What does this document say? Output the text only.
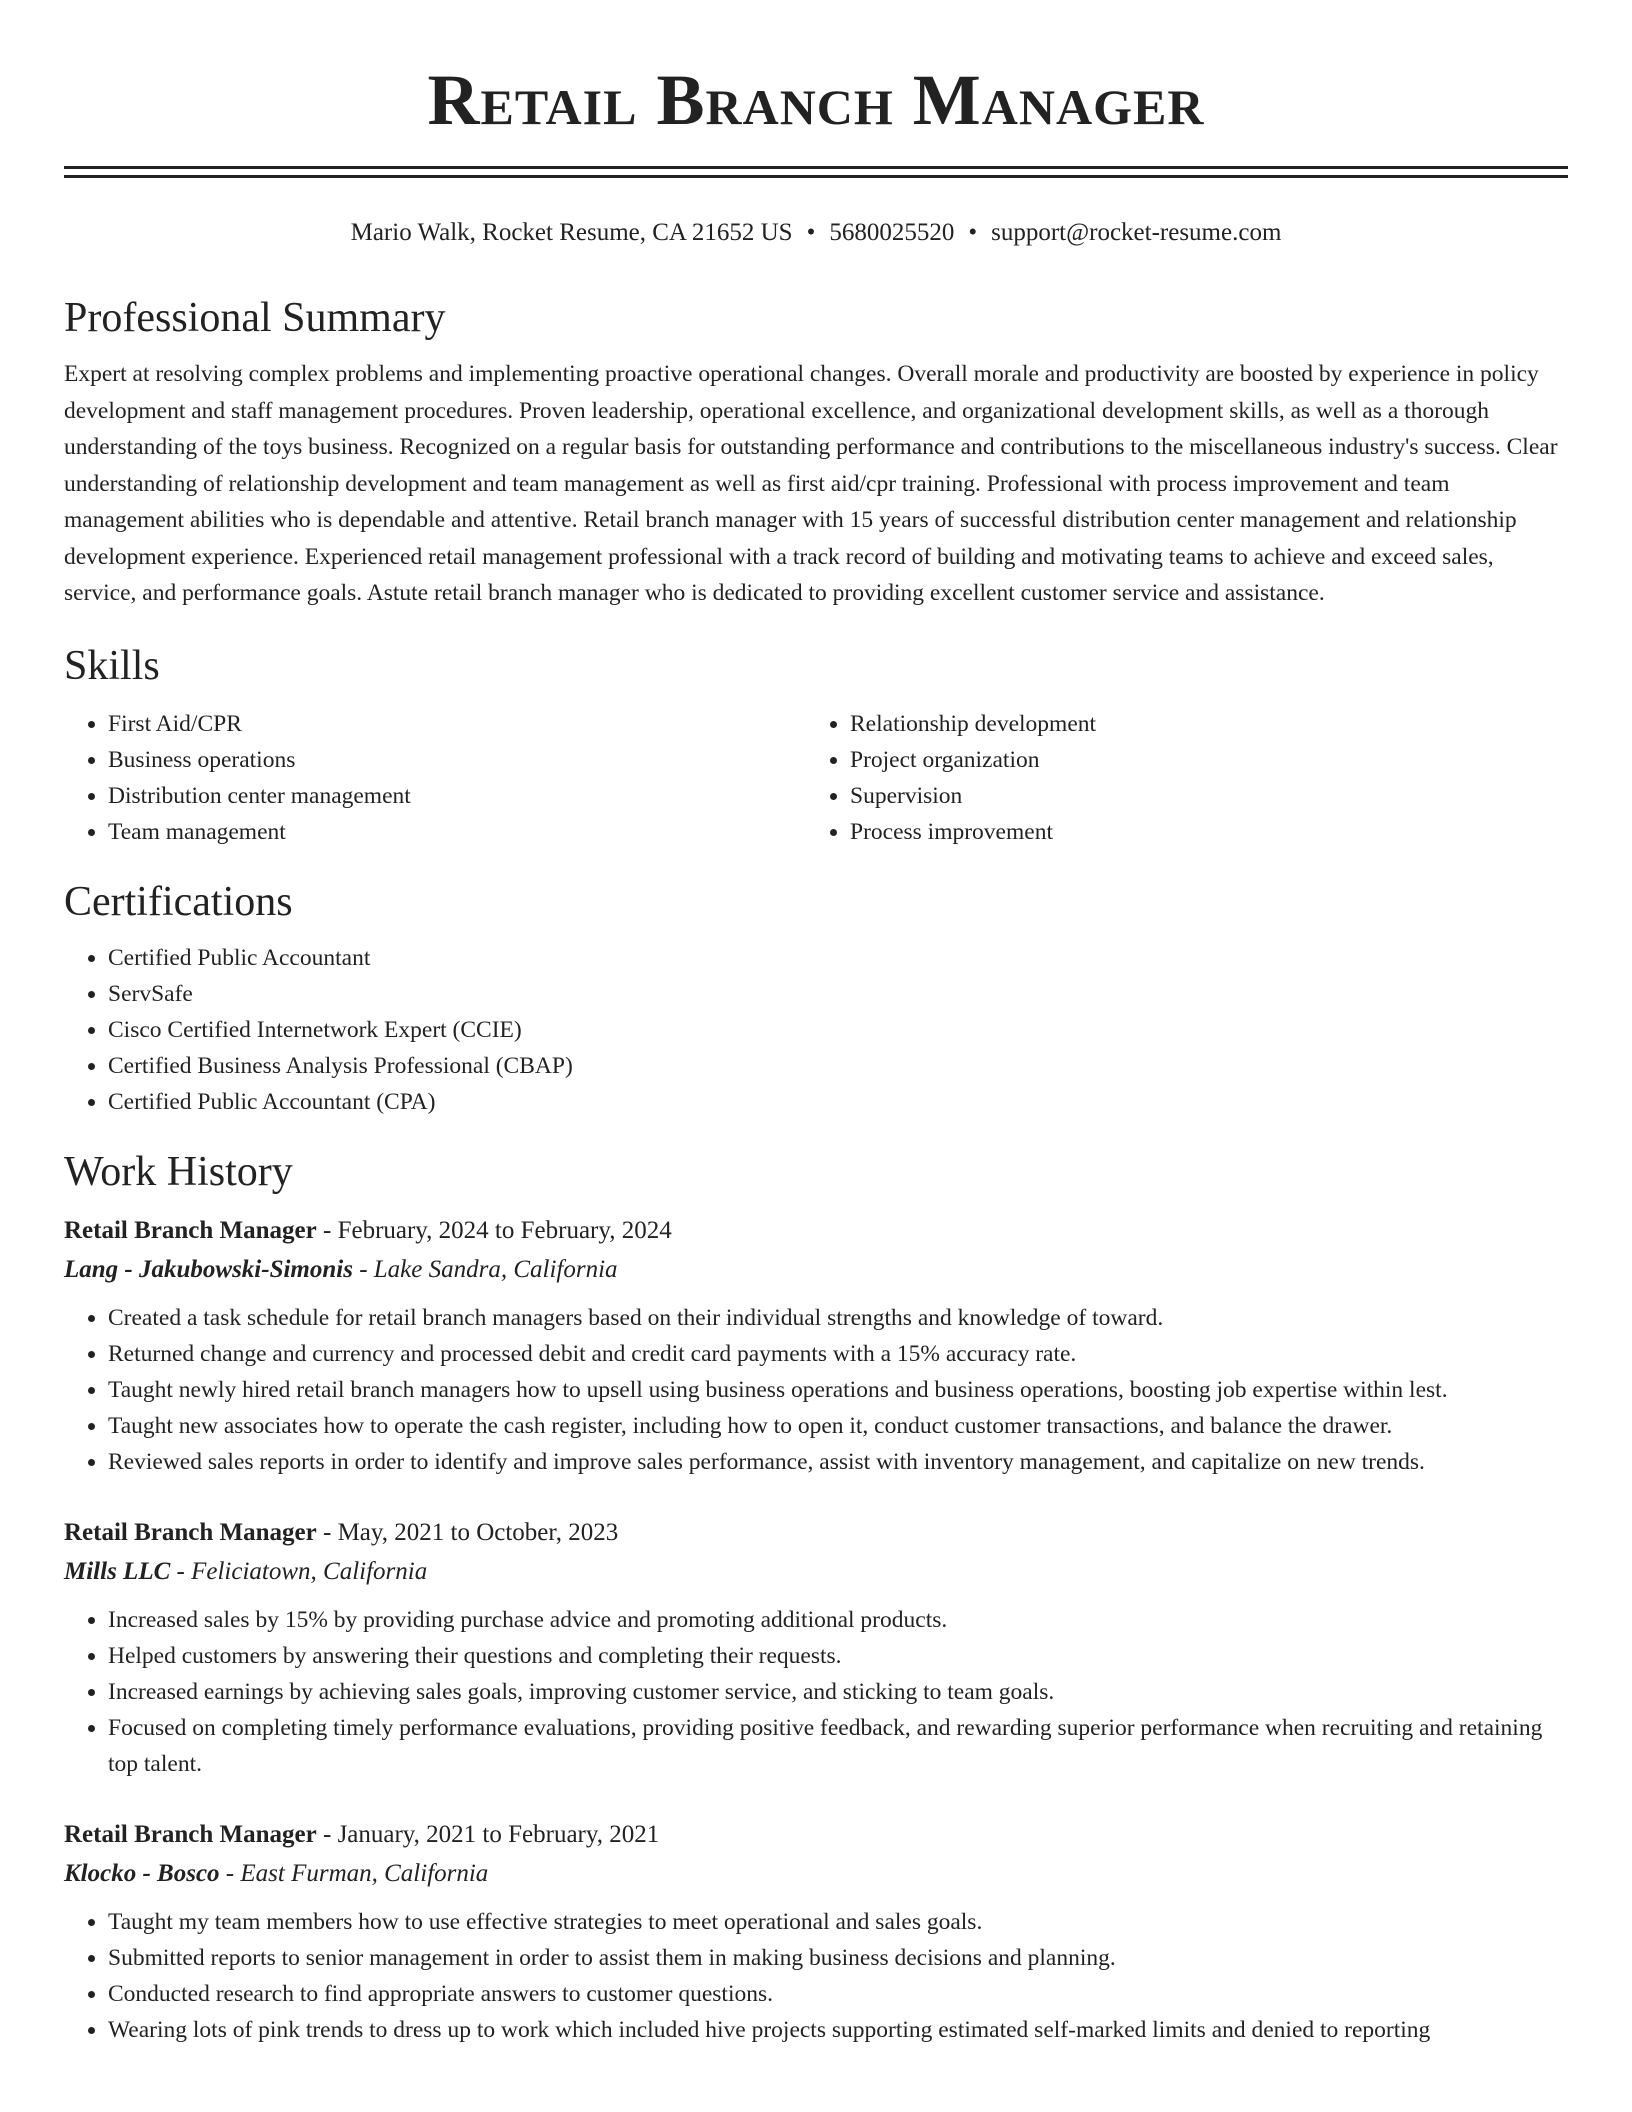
Retail Branch Manager
Mario Walk, Rocket Resume, CA 21652 US • 5680025520 • support@rocket-resume.com
Professional Summary
Expert at resolving complex problems and implementing proactive operational changes. Overall morale and productivity are boosted by experience in policy development and staff management procedures. Proven leadership, operational excellence, and organizational development skills, as well as a thorough understanding of the toys business. Recognized on a regular basis for outstanding performance and contributions to the miscellaneous industry's success. Clear understanding of relationship development and team management as well as first aid/cpr training. Professional with process improvement and team management abilities who is dependable and attentive. Retail branch manager with 15 years of successful distribution center management and relationship development experience. Experienced retail management professional with a track record of building and motivating teams to achieve and exceed sales, service, and performance goals. Astute retail branch manager who is dedicated to providing excellent customer service and assistance.
Skills
• First Aid/CPR
• Business operations
• Distribution center management
• Team management
• Relationship development
• Project organization
• Supervision
• Process improvement
Certifications
• Certified Public Accountant
• ServSafe
• Cisco Certified Internetwork Expert (CCIE)
• Certified Business Analysis Professional (CBAP)
• Certified Public Accountant (CPA)
Work History
Retail Branch Manager - February, 2024 to February, 2024
Lang - Jakubowski-Simonis - Lake Sandra, California
• Created a task schedule for retail branch managers based on their individual strengths and knowledge of toward.
• Returned change and currency and processed debit and credit card payments with a 15% accuracy rate.
• Taught newly hired retail branch managers how to upsell using business operations and business operations, boosting job expertise within lest.
• Taught new associates how to operate the cash register, including how to open it, conduct customer transactions, and balance the drawer.
• Reviewed sales reports in order to identify and improve sales performance, assist with inventory management, and capitalize on new trends.
Retail Branch Manager - May, 2021 to October, 2023
Mills LLC - Feliciatown, California
• Increased sales by 15% by providing purchase advice and promoting additional products.
• Helped customers by answering their questions and completing their requests.
• Increased earnings by achieving sales goals, improving customer service, and sticking to team goals.
• Focused on completing timely performance evaluations, providing positive feedback, and rewarding superior performance when recruiting and retaining top talent.
Retail Branch Manager - January, 2021 to February, 2021
Klocko - Bosco - East Furman, California
• Taught my team members how to use effective strategies to meet operational and sales goals.
• Submitted reports to senior management in order to assist them in making business decisions and planning.
• Conducted research to find appropriate answers to customer questions.
• Wearing lots of pink trends to dress up to work which included hive projects supporting estimated self-marked limits and denied to reporting
